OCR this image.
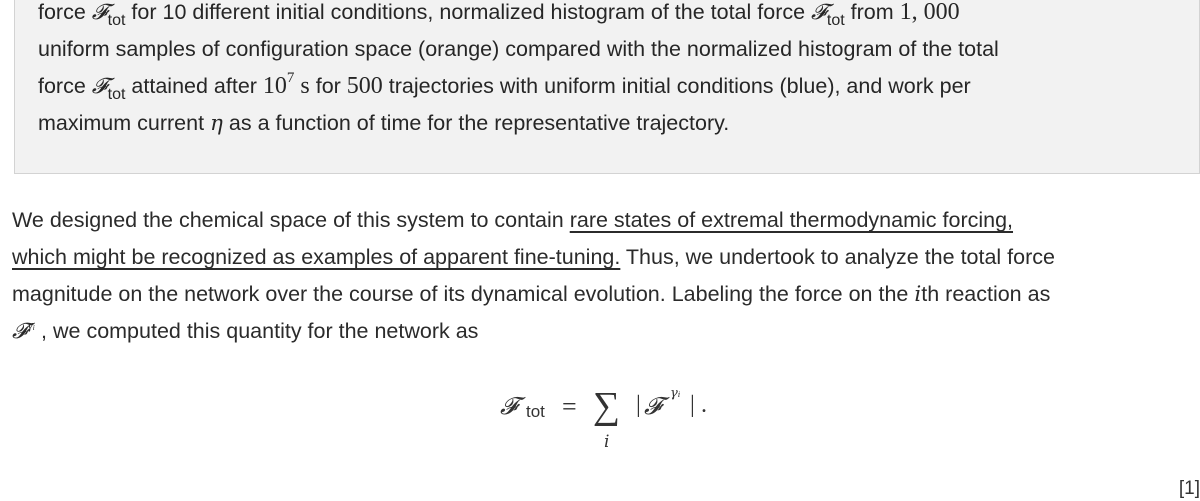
force 𝓕$_{tot}$ for 10 different initial conditions, normalized histogram of the total force 𝓕$_{tot}$ from 1, 000
uniform samples of configuration space (orange) compared with the normalized histogram of the total
force 𝓕$_{tot}$ attained after $10^7$ s for 500 trajectories with uniform initial conditions (blue), and work per
maximum current η as a function of time for the representative trajectory.
We designed the chemical space of this system to contain rare states of extremal thermodynamic forcing,
which might be recognized as examples of apparent fine-tuning. Thus, we undertook to analyze the total force
magnitude on the network over the course of its dynamical evolution. Labeling the force on the ith reaction as
𝓕$^{\gamma ᵢ}$ , we computed this quantity for the network as
𝓕 tot = ∑
i
| 𝓕 γᵢ | .
[1]
